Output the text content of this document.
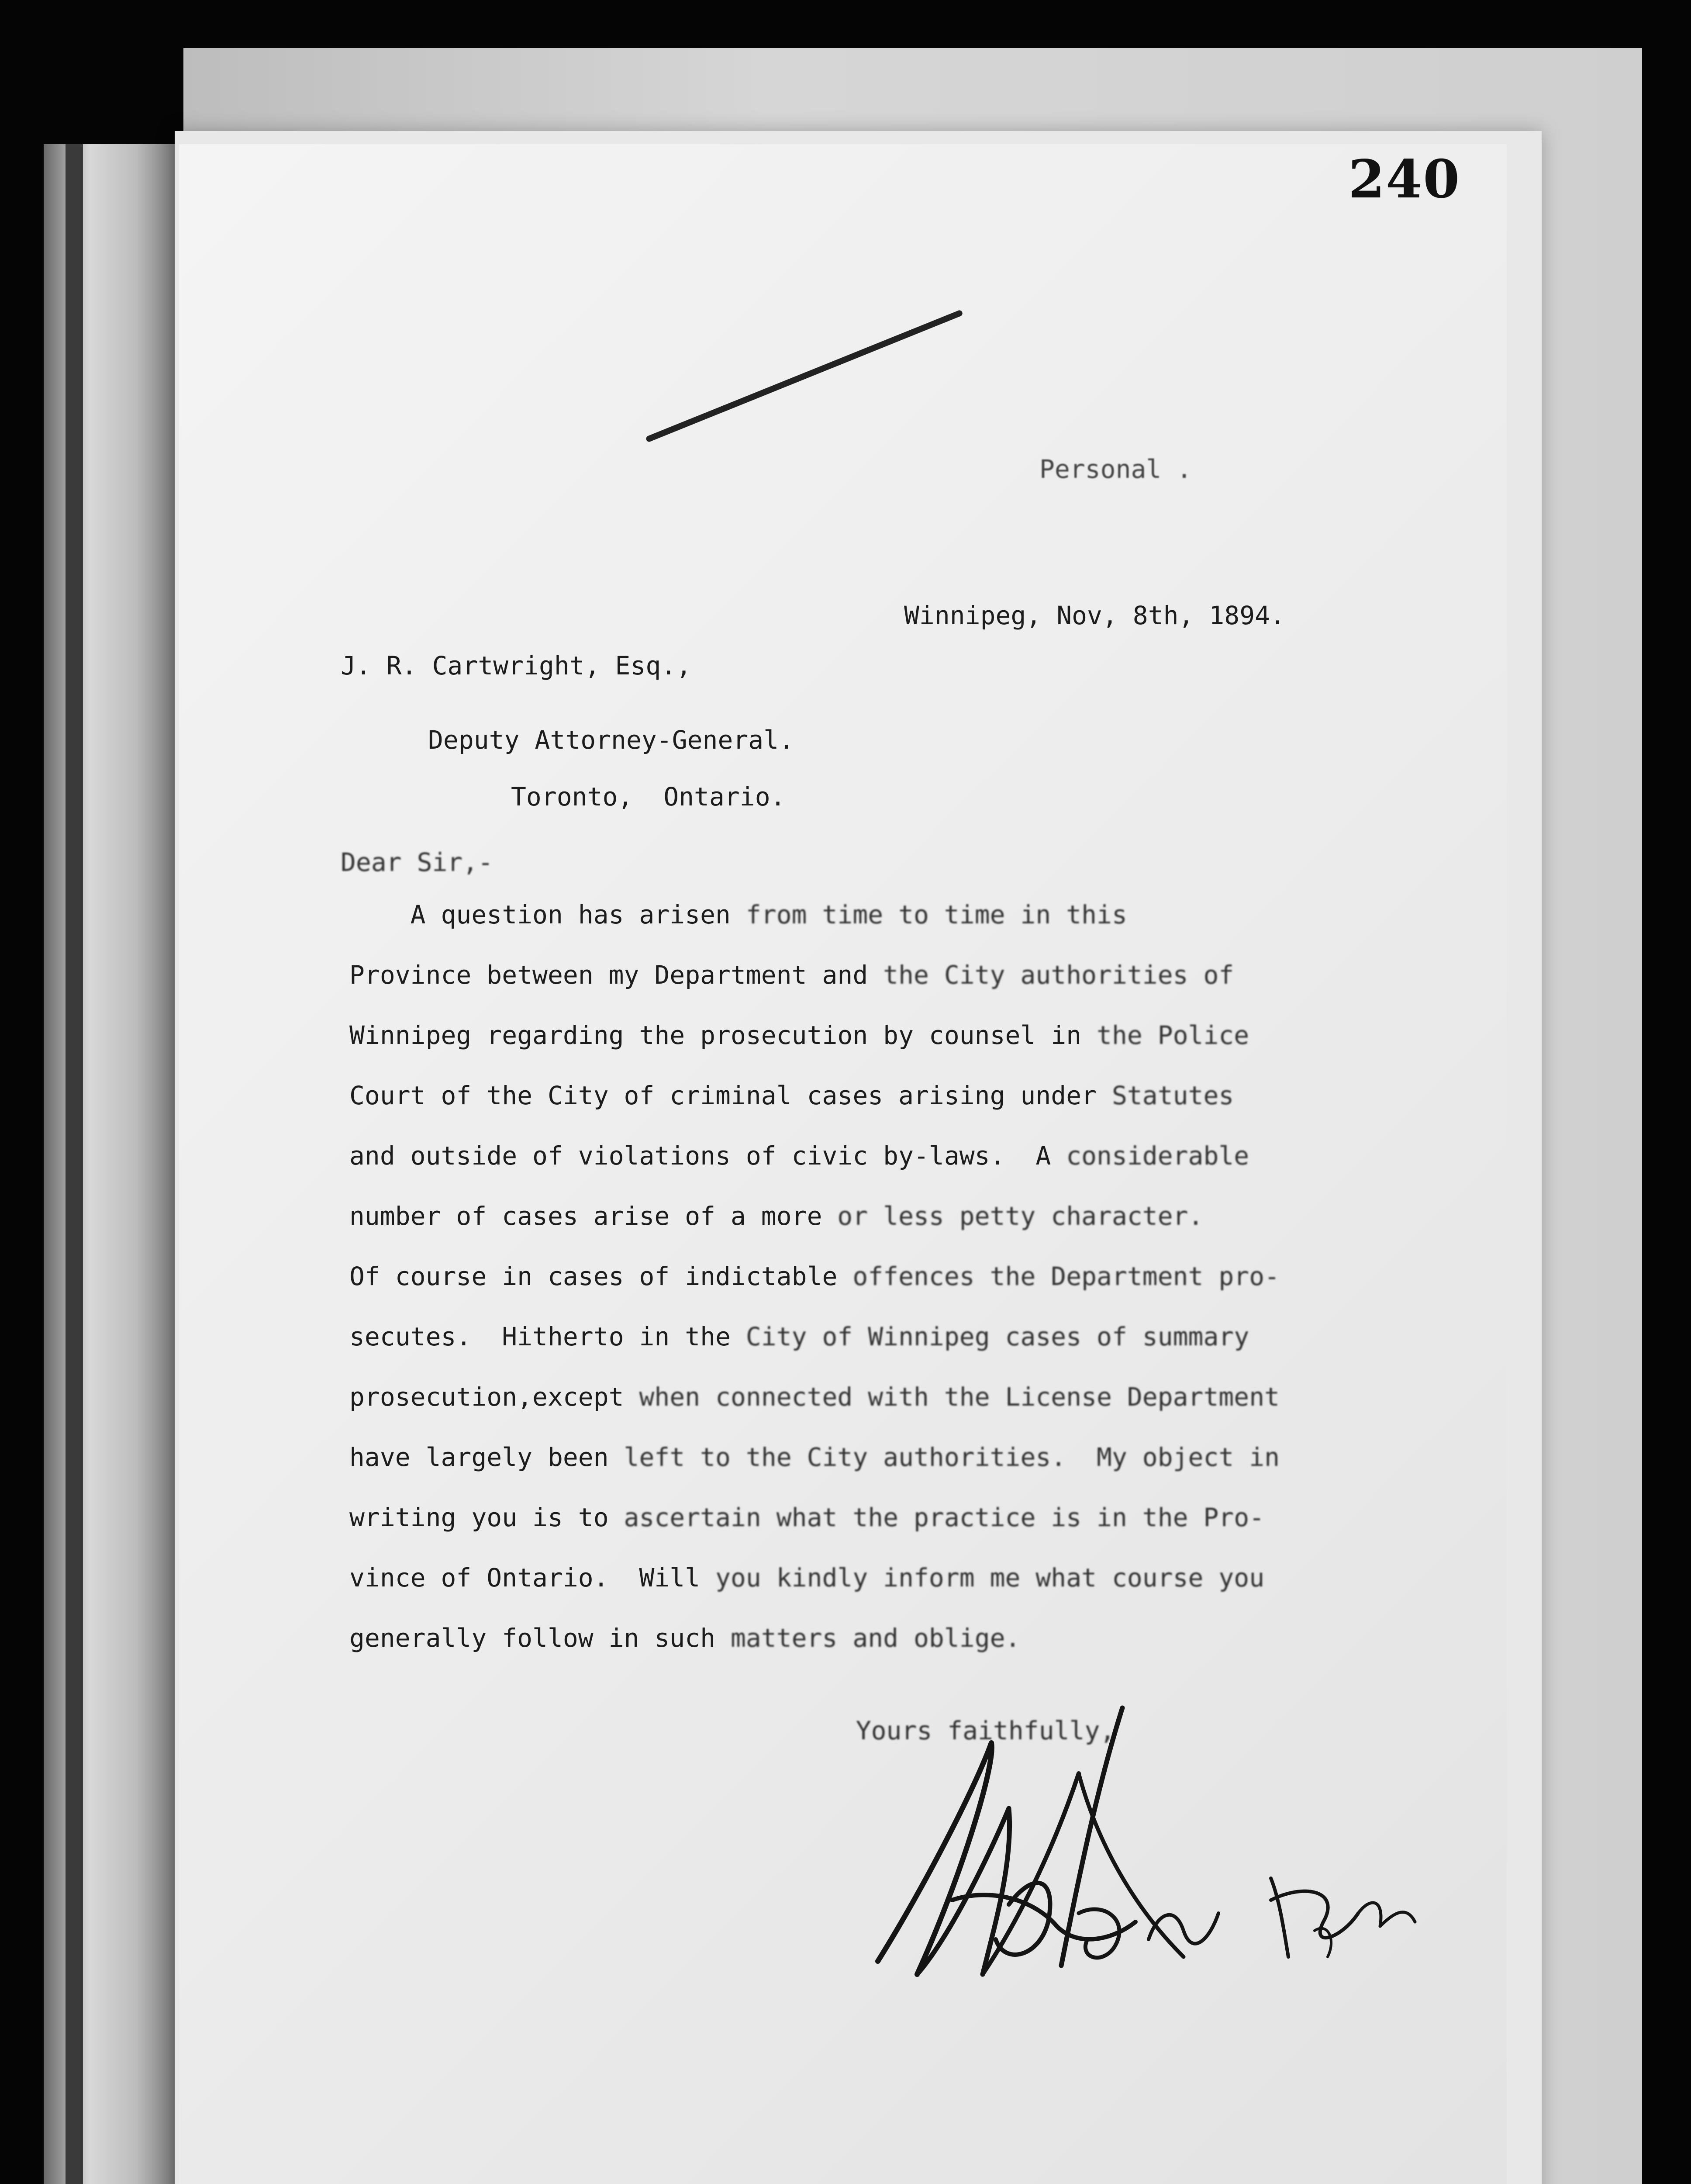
240
Personal .
Winnipeg, Nov, 8th, 1894.
J. R. Cartwright, Esq.,
Deputy Attorney-General.
Toronto,  Ontario.
Dear Sir,-
A question has arisen from time to time in this
Province between my Department and the City authorities of
Winnipeg regarding the prosecution by counsel in the Police
Court of the City of criminal cases arising under Statutes
and outside of violations of civic by-laws.  A considerable
number of cases arise of a more or less petty character.
Of course in cases of indictable offences the Department pro-
secutes.  Hitherto in the City of Winnipeg cases of summary
prosecution,except when connected with the License Department
have largely been left to the City authorities.  My object in
writing you is to ascertain what the practice is in the Pro-
vince of Ontario.  Will you kindly inform me what course you
generally follow in such matters and oblige.

Yours faithfully,
